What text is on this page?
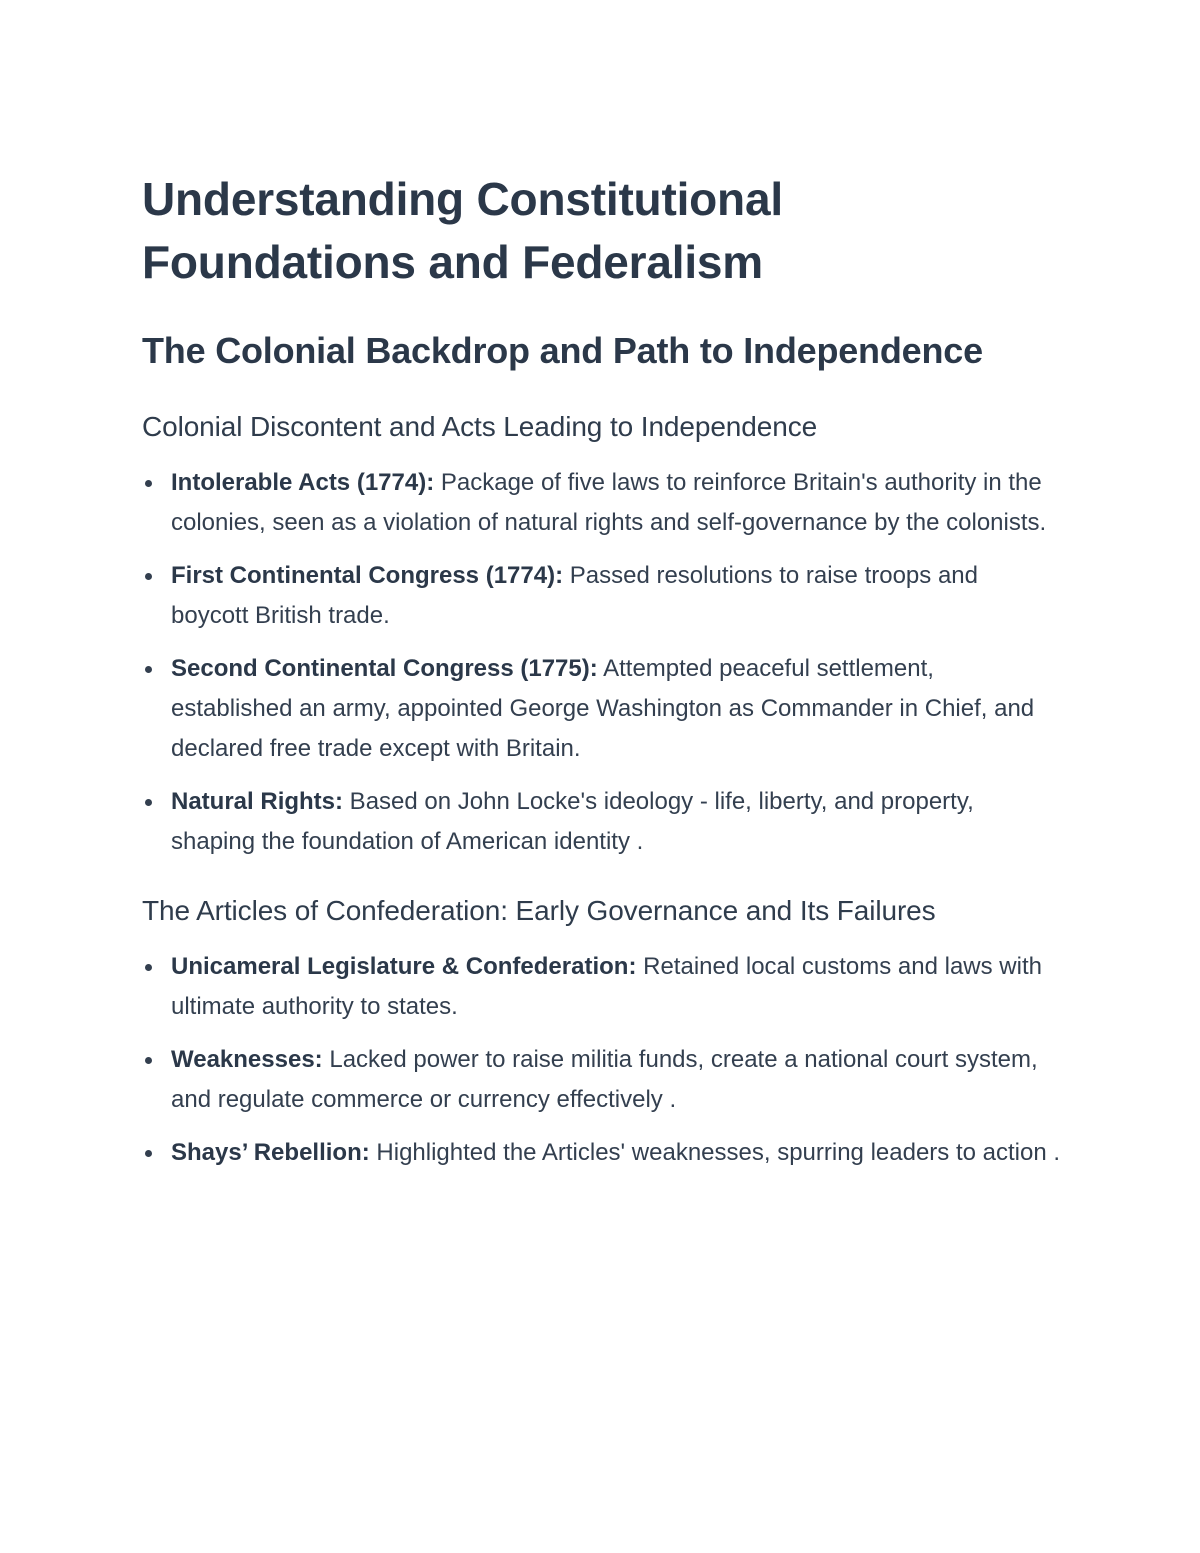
Understanding Constitutional Foundations and Federalism
The Colonial Backdrop and Path to Independence
Colonial Discontent and Acts Leading to Independence
Intolerable Acts (1774): Package of five laws to reinforce Britain's authority in the colonies, seen as a violation of natural rights and self-governance by the colonists.
First Continental Congress (1774): Passed resolutions to raise troops and boycott British trade.
Second Continental Congress (1775): Attempted peaceful settlement, established an army, appointed George Washington as Commander in Chief, and declared free trade except with Britain.
Natural Rights: Based on John Locke's ideology - life, liberty, and property, shaping the foundation of American identity .
The Articles of Confederation: Early Governance and Its Failures
Unicameral Legislature & Confederation: Retained local customs and laws with ultimate authority to states.
Weaknesses: Lacked power to raise militia funds, create a national court system, and regulate commerce or currency effectively .
Shays’ Rebellion: Highlighted the Articles' weaknesses, spurring leaders to action .
